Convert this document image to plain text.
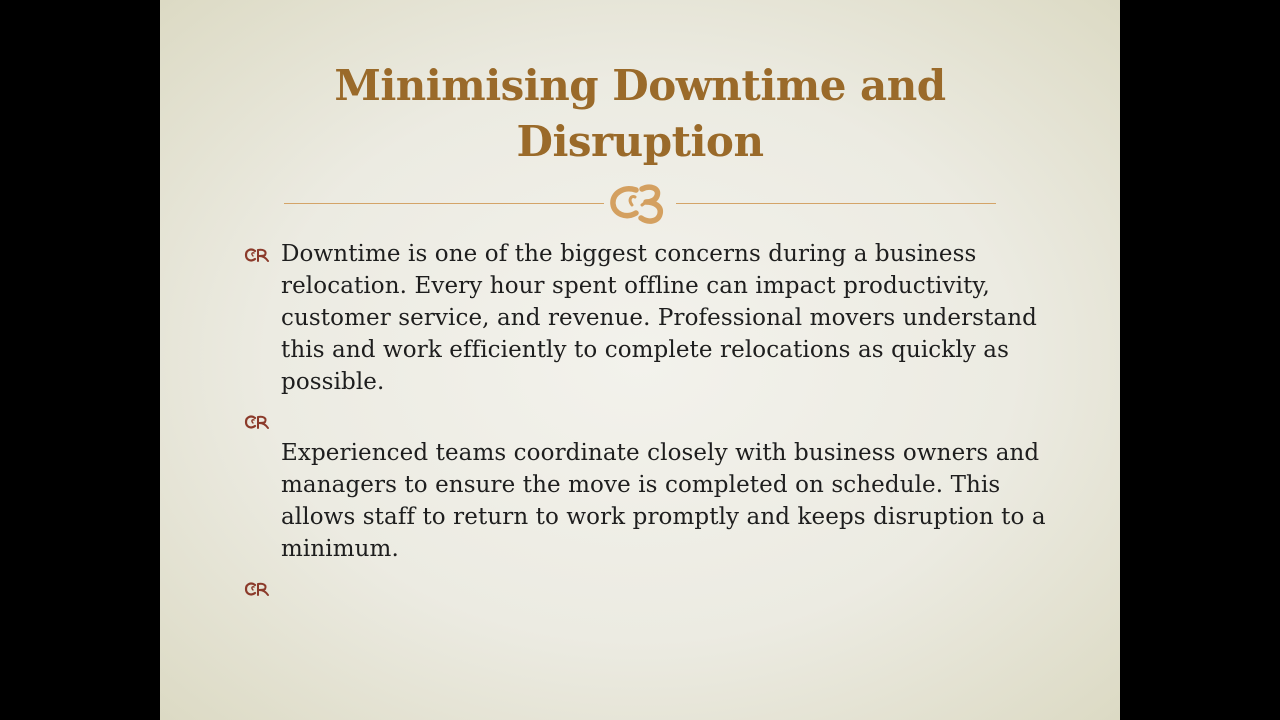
Minimising Downtime and
Disruption
Downtime is one of the biggest concerns during a business relocation. Every hour spent offline can impact productivity, customer service, and revenue. Professional movers understand this and work efficiently to complete relocations as quickly as possible.
Experienced teams coordinate closely with business owners and managers to ensure the move is completed on schedule. This allows staff to return to work promptly and keeps disruption to a minimum.
